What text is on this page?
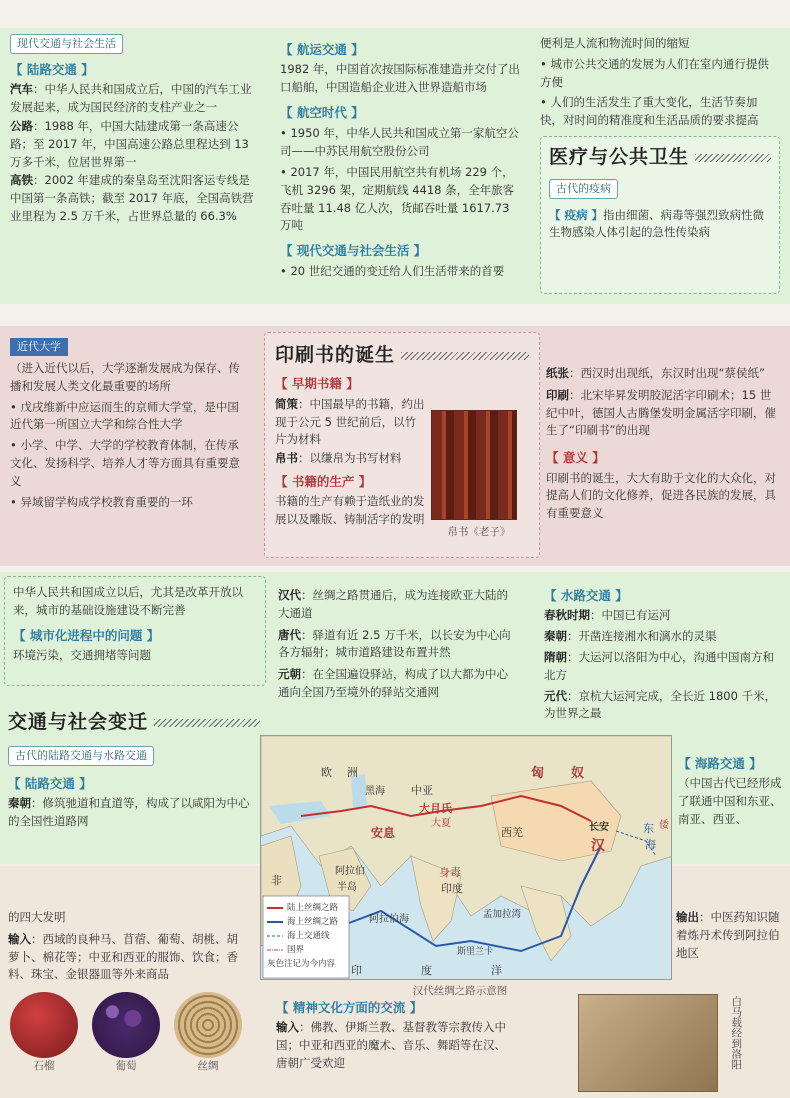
现代交通与社会生活
【 陆路交通 】
汽车：中华人民共和国成立后，中国的汽车工业发展起来，成为国民经济的支柱产业之一
公路：1988 年，中国大陆建成第一条高速公路；至 2017 年，中国高速公路总里程达到 13 万多千米，位居世界第一
高铁：2002 年建成的秦皇岛至沈阳客运专线是中国第一条高铁；截至 2017 年底，全国高铁营业里程为 2.5 万千米，占世界总量的 66.3%
【 航运交通 】
1982 年，中国首次按国际标准建造并交付了出口船舶，中国造船企业进入世界造船市场
【 航空时代 】
• 1950 年，中华人民共和国成立第一家航空公司——中苏民用航空股份公司
• 2017 年，中国民用航空共有机场 229 个，飞机 3296 架，定期航线 4418 条，全年旅客吞吐量 11.48 亿人次，货邮吞吐量 1617.73 万吨
【 现代交通与社会生活 】
• 20 世纪交通的变迁给人们生活带来的首要
便利是人流和物流时间的缩短
• 城市公共交通的发展为人们在室内通行提供方便
• 人们的生活发生了重大变化，生活节奏加快，对时间的精准度和生活品质的要求提高
医疗与公共卫生
古代的疫病
【 疫病 】指由细菌、病毒等强烈致病性微生物感染人体引起的急性传染病
近代大学
（进入近代以后，大学逐渐发展成为保存、传播和发展人类文化最重要的场所
• 戊戌维新中应运而生的京师大学堂，是中国近代第一所国立大学和综合性大学
• 小学、中学、大学的学校教育体制，在传承文化、发扬科学、培养人才等方面具有重要意义
• 异域留学构成学校教育重要的一环
印刷书的诞生
【 早期书籍 】
简策：中国最早的书籍，约出现于公元 5 世纪前后，以竹片为材料
帛书：以缣帛为书写材料
【 书籍的生产 】
书籍的生产有赖于造纸业的发展以及雕版、铸制活字的发明
帛书《老子》
纸张：西汉时出现纸，东汉时出现“蔡侯纸”
印刷：北宋毕昇发明胶泥活字印刷术；15 世纪中叶，德国人古腾堡发明金属活字印刷，催生了“印刷书”的出现
【 意义 】
印刷书的诞生，大大有助于文化的大众化，对提高人们的文化修养，促进各民族的发展，具有重要意义
中华人民共和国成立以后，尤其是改革开放以来，城市的基础设施建设不断完善
【 城市化进程中的问题 】
环境污染，交通拥堵等问题
交通与社会变迁
古代的陆路交通与水路交通
【 陆路交通 】
秦朝：修筑驰道和直道等，构成了以咸阳为中心的全国性道路网
汉代：丝绸之路贯通后，成为连接欧亚大陆的大通道
唐代：驿道有近 2.5 万千米，以长安为中心向各方辐射；城市道路建设布置井然
元朝：在全国遍设驿站，构成了以大都为中心通向全国乃至境外的驿站交通网
【 水路交通 】
春秋时期：中国已有运河
秦朝：开凿连接湘水和漓水的灵渠
隋朝：大运河以洛阳为中心，沟通中国南方和北方
元代：京杭大运河完成，全长近 1800 千米，为世界之最
【 海路交通 】
（中国古代已经形成了联通中国和东亚、南亚、西亚、
的四大发明
输入：西域的良种马、苜蓿、葡萄、胡桃、胡萝卜、棉花等；中亚和西亚的服饰、饮食；香料、珠宝、金银器皿等外来商品
石榴	葡萄	丝绸
【 精神文化方面的交流 】
输入：佛教、伊斯兰教、基督教等宗教传入中国；中亚和西亚的魔术、音乐、舞蹈等在汉、唐朝广受欢迎
输出：中医药知识随着炼丹术传到阿拉伯地区
白马载经到洛阳
陆上丝绸之路
海上丝绸之路
海上交通线
国界
灰色注记为今内容
欧 洲
黑海
大月氏
大夏
中亚
安息
匈 奴
汉
长安
西羌
身毒
印度
阿拉伯
半岛
孟加拉湾
阿拉伯海
斯里兰卡
印	度	洋
非
东
海
倭
汉代丝绸之路示意图
